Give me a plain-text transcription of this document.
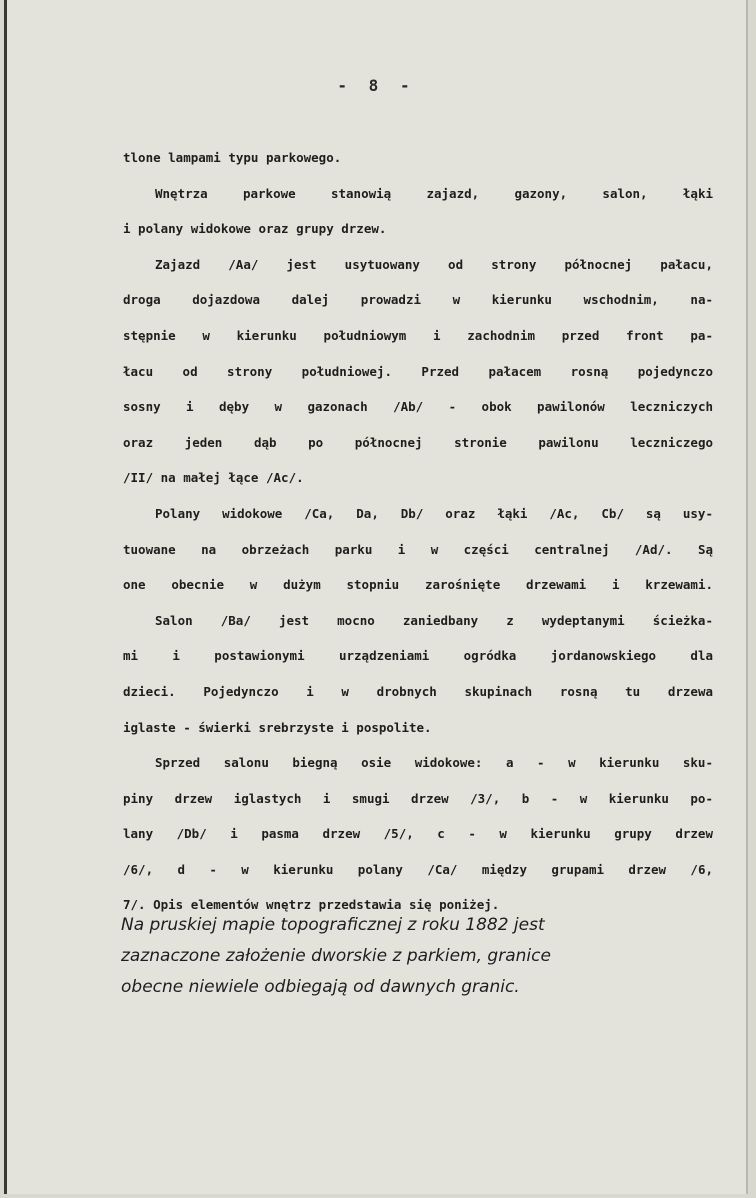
- 8 -

tlone lampami typu parkowego.

Wnętrza parkowe stanowią zajazd, gazony, salon, łąki

i polany widokowe oraz grupy drzew.

Zajazd /Aa/ jest usytuowany od strony północnej pałacu,

droga dojazdowa dalej prowadzi w kierunku wschodnim, na-

stępnie w kierunku południowym i zachodnim przed front pa-

łacu od strony południowej. Przed pałacem rosną pojedynczo

sosny i dęby w gazonach /Ab/ - obok pawilonów leczniczych

oraz jeden dąb po północnej stronie pawilonu leczniczego

/II/ na małej łące /Ac/.

Polany widokowe /Ca, Da, Db/ oraz łąki /Ac, Cb/ są usy-

tuowane na obrzeżach parku i w części centralnej /Ad/. Są

one obecnie w dużym stopniu zarośnięte drzewami i krzewami.

Salon /Ba/ jest mocno zaniedbany z wydeptanymi ścieżka-

mi i postawionymi urządzeniami ogródka jordanowskiego dla

dzieci. Pojedynczo i w drobnych skupinach rosną tu drzewa

iglaste - świerki srebrzyste i pospolite.

Sprzed salonu biegną osie widokowe: a - w kierunku sku-

piny drzew iglastych i smugi drzew /3/, b - w kierunku po-

lany /Db/ i pasma drzew /5/, c - w kierunku grupy drzew

/6/, d - w kierunku polany /Ca/ między grupami drzew /6,

7/. Opis elementów wnętrz przedstawia się poniżej.

Na pruskiej mapie topograficznej z roku 1882 jest
zaznaczone założenie dworskie z parkiem, granice
obecne niewiele odbiegają od dawnych granic.
